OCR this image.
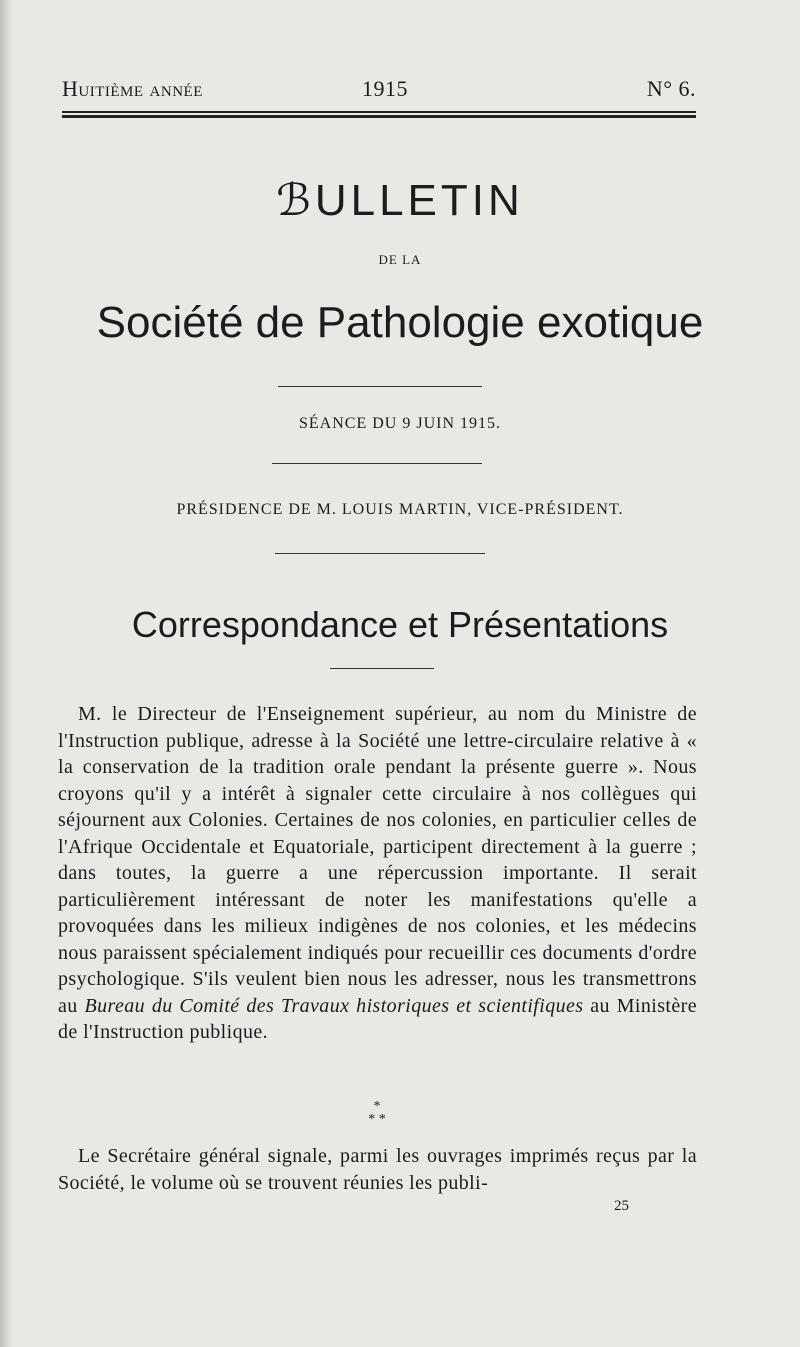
Huitième année	1915	N° 6.
ℬULLETIN
DE LA
Société de Pathologie exotique
SÉANCE DU 9 JUIN 1915.
PRÉSIDENCE DE M. LOUIS MARTIN, VICE-PRÉSIDENT.
Correspondance et Présentations
M. le Directeur de l'Enseignement supérieur, au nom du Ministre de l'Instruction publique, adresse à la Société une lettre-circulaire relative à « la conservation de la tradition orale pendant la présente guerre ». Nous croyons qu'il y a intérêt à signaler cette circulaire à nos collègues qui séjournent aux Colonies. Certaines de nos colonies, en particulier celles de l'Afrique Occidentale et Equatoriale, participent directement à la guerre ; dans toutes, la guerre a une répercussion importante. Il serait particulièrement intéressant de noter les manifestations qu'elle a provoquées dans les milieux indigènes de nos colonies, et les médecins nous paraissent spécialement indiqués pour recueillir ces documents d'ordre psychologique. S'ils veulent bien nous les adresser, nous les transmettrons au Bureau du Comité des Travaux historiques et scientifiques au Ministère de l'Instruction publique.
*
* *
Le Secrétaire général signale, parmi les ouvrages imprimés reçus par la Société, le volume où se trouvent réunies les publi-
25
